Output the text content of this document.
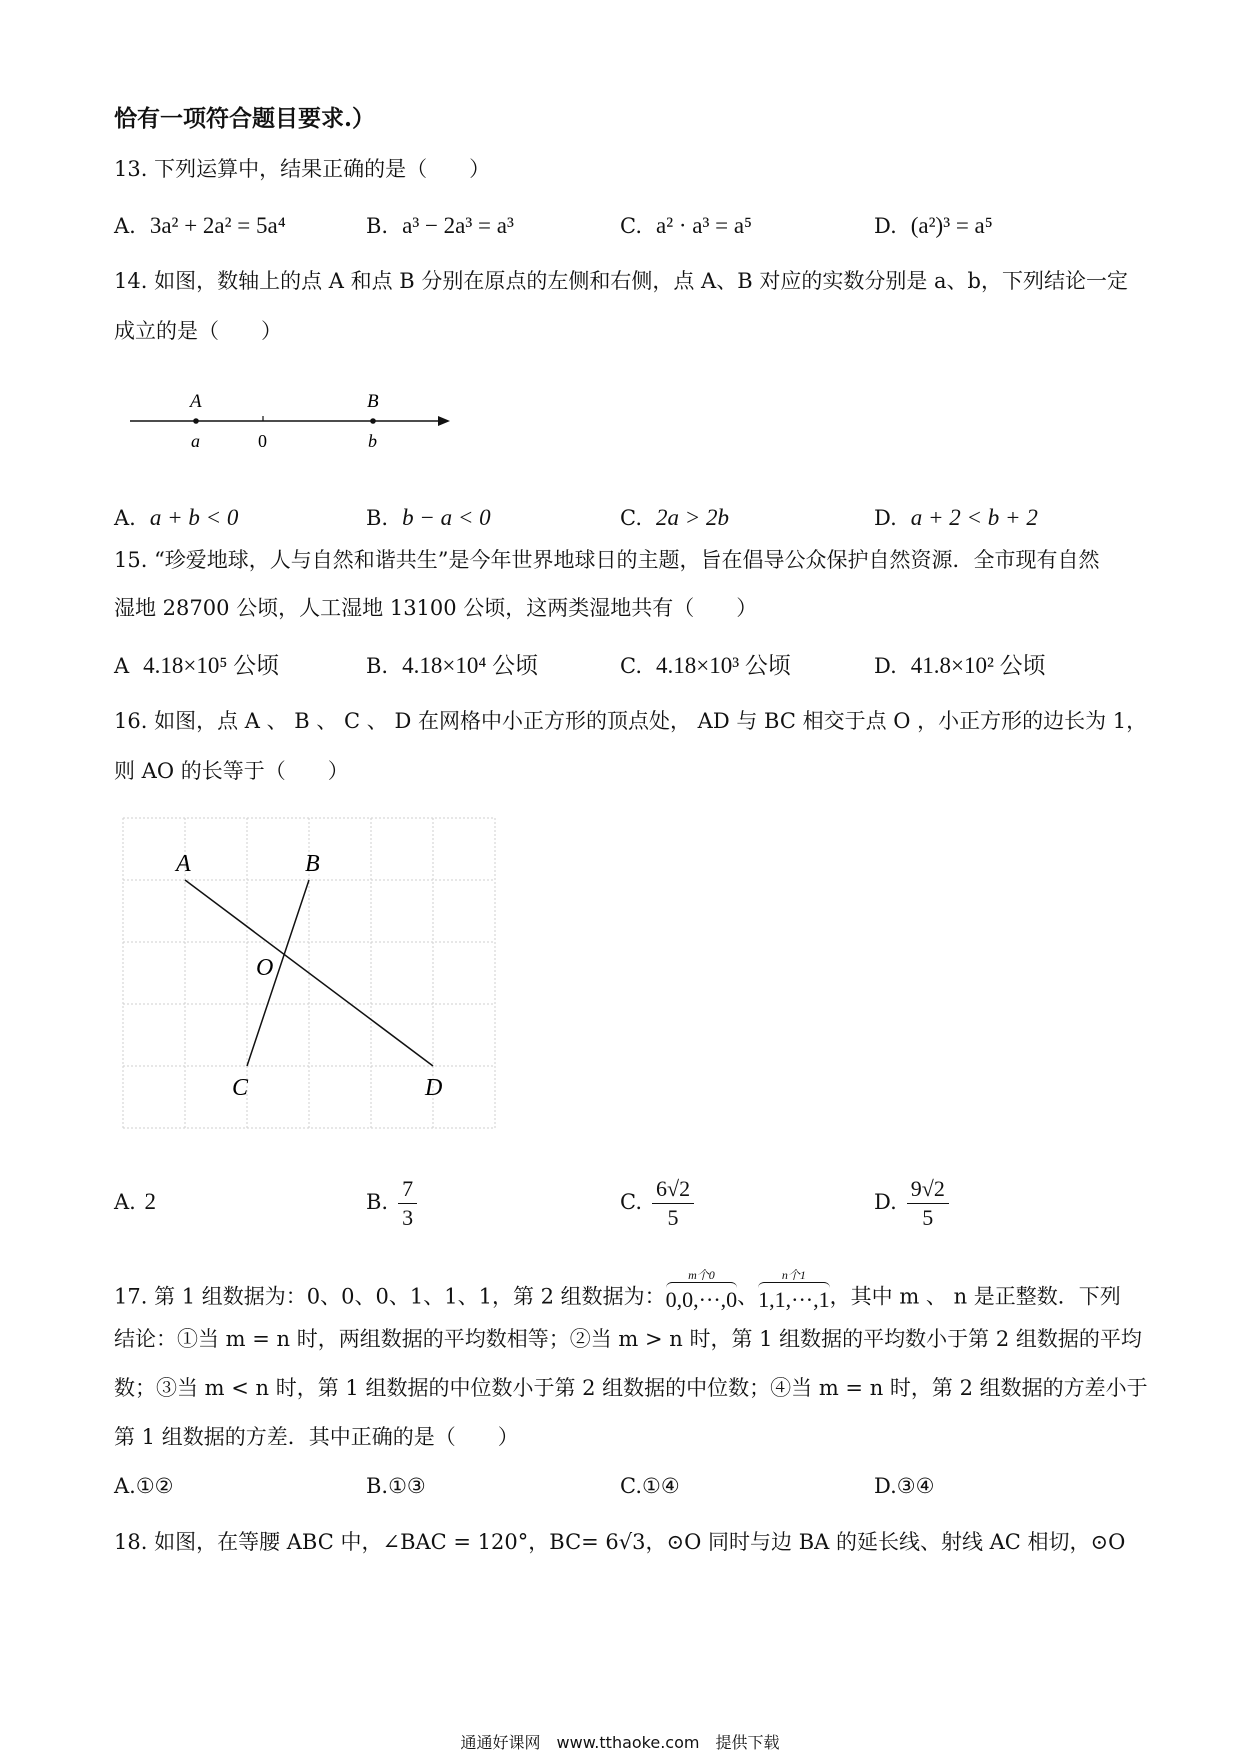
恰有一项符合题目要求.）
13. 下列运算中，结果正确的是（　　）
A. 3a² + 2a² = 5a⁴	B. a³ − 2a³ = a³	C. a² · a³ = a⁵	D. (a²)³ = a⁵
14. 如图，数轴上的点 A 和点 B 分别在原点的左侧和右侧，点 A、B 对应的实数分别是 a、b，下列结论一定
成立的是（　　）
A	B
a	0	b
A. a + b < 0	B. b − a < 0	C. 2a > 2b	D. a + 2 < b + 2
15. “珍爱地球，人与自然和谐共生”是今年世界地球日的主题，旨在倡导公众保护自然资源．全市现有自然
湿地 28700 公顷，人工湿地 13100 公顷，这两类湿地共有（　　）
A 4.18×10⁵ 公顷	B. 4.18×10⁴ 公顷	C. 4.18×10³ 公顷	D. 41.8×10² 公顷
16. 如图，点 A 、 B 、 C 、 D 在网格中小正方形的顶点处， AD 与 BC 相交于点 O ，小正方形的边长为 1，
则 AO 的长等于（　　）
A	B
O
C	D
A. 2	B. $\frac{7}{3}$	C. $\frac{6√2}{5}$	D. $\frac{9√2}{5}$
17. 第 1 组数据为：0、0、0、1、1、1，第 2 组数据为：
m个0
0,0,···,0 、
n个1
1,1,···,1 ，其中 m 、 n 是正整数．下列
结论：①当 m = n 时，两组数据的平均数相等；②当 m > n 时，第 1 组数据的平均数小于第 2 组数据的平均
数；③当 m < n 时，第 1 组数据的中位数小于第 2 组数据的中位数；④当 m = n 时，第 2 组数据的方差小于
第 1 组数据的方差．其中正确的是（　　）
A.①②	B.①③	C.①④	D.③④
18. 如图，在等腰 ABC 中，∠BAC = 120°，BC= 6√3，⊙O 同时与边 BA 的延长线、射线 AC 相切，⊙O
通通好课网　www.tthaoke.com　提供下载
